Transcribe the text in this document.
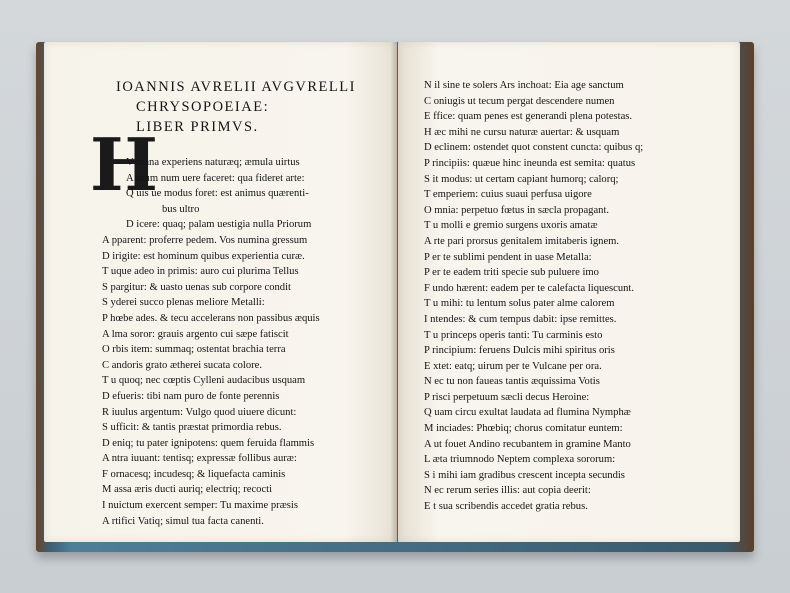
IOANNIS AVRELII AVGVRELLI
CHRYSOPOEIAE:
LIBER PRIMVS.
H
V mana experiens naturæq; æmula uirtus
A urum num uere faceret: qua fideret arte:
Q uis ue modus foret: est animus quærenti-
bus ultro
D icere: quaq; palam uestigia nulla Priorum
A pparent: proferre pedem. Vos numina gressum
D irigite: est hominum quibus experientia curæ.
T uque adeo in primis: auro cui plurima Tellus
S pargitur: & uasto uenas sub corpore condit
S yderei succo plenas meliore Metalli:
P hœbe ades. & tecu accelerans non passibus æquis
A lma soror: grauis argento cui sæpe fatiscit
O rbis item: summaq; ostentat brachia terra
C andoris grato ætherei sucata colore.
T u quoq; nec cœptis Cylleni audacibus usquam
D efueris: tibi nam puro de fonte perennis
R iuulus argentum: Vulgo quod uiuere dicunt:
S ufficit: & tantis præstat primordia rebus.
D eniq; tu pater ignipotens: quem feruida flammis
A ntra iuuant: tentisq; expressæ follibus auræ:
F ornacesq; incudesq; & liquefacta caminis
M assa æris ducti auriq; electriq; recocti
I nuictum exercent semper: Tu maxime præsis
A rtifici Vatiq; simul tua facta canenti.
N il sine te solers Ars inchoat: Eia age sanctum
C oniugis ut tecum pergat descendere numen
E ffice: quam penes est generandi plena potestas.
H æc mihi ne cursu naturæ auertar: & usquam
D eclinem: ostendet quot constent cuncta: quibus q;
P rincipiis: quæue hinc ineunda est semita: quatus
S it modus: ut certam capiant humorq; calorq;
T emperiem: cuius suaui perfusa uigore
O mnia: perpetuo fœtus in sæcla propagant.
T u molli e gremio surgens uxoris amatæ
A rte pari prorsus genitalem imitaberis ignem.
P er te sublimi pendent in uase Metalla:
P er te eadem triti specie sub puluere imo
F undo hærent: eadem per te calefacta liquescunt.
T u mihi: tu lentum solus pater alme calorem
I ntendes: & cum tempus dabit: ipse remittes.
T u princeps operis tanti: Tu carminis esto
P rincipium: feruens Dulcis mihi spiritus oris
E xtet: eatq; uirum per te Vulcane per ora.
N ec tu non faueas tantis æquissima Votis
P risci perpetuum sæcli decus Heroine:
Q uam circu exultat laudata ad flumina Nymphæ
M inciades: Phœbiq; chorus comitatur euntem:
A ut fouet Andino recubantem in gramine Manto
L æta triumnodo Neptem complexa sororum:
S i mihi iam gradibus crescent incepta secundis
N ec rerum series illis: aut copia deerit:
E t sua scribendis accedet gratia rebus.
